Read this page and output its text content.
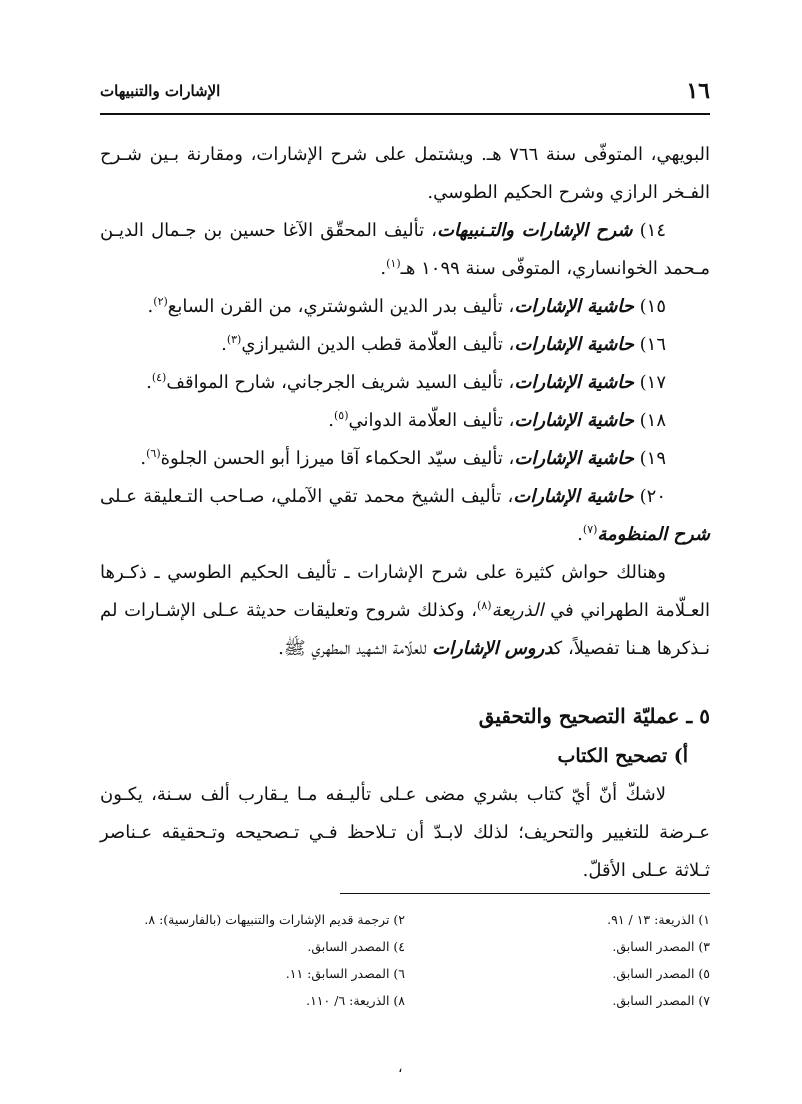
١٦
الإشارات والتنبيهات

البويهي، المتوفّى سنة ٧٦٦ هـ. ويشتمل على شرح الإشارات، ومقارنة بـين شـرح الفـخر الرازي وشرح الحكيم الطوسي.

١٤) شرح الإشارات والتـنبيهات، تأليف المحقّق الآغا حسين بن جـمال الديـن مـحمد الخوانساري، المتوفّى سنة ١٠٩٩ هـ$^{(١)}$.

١٥) حاشية الإشارات، تأليف بدر الدين الشوشتري، من القرن السابع$^{(٢)}$.

١٦) حاشية الإشارات، تأليف العلّامة قطب الدين الشيرازي$^{(٣)}$.

١٧) حاشية الإشارات، تأليف السيد شريف الجرجاني، شارح المواقف$^{(٤)}$.

١٨) حاشية الإشارات، تأليف العلّامة الدواني$^{(٥)}$.

١٩) حاشية الإشارات، تأليف سيّد الحكماء آقا ميرزا أبو الحسن الجلوة$^{(٦)}$.

٢٠) حاشية الإشارات، تأليف الشيخ محمد تقي الآملي، صـاحب التـعليقة عـلى شرح المنظومة$^{(٧)}$.

وهنالك حواش كثيرة على شرح الإشارات ـ تأليف الحكيم الطوسي ـ ذكـرها العـلّامة الطهراني في الذريعة$^{(٨)}$، وكذلك شروح وتعليقات حديثة عـلى الإشـارات لم نـذكرها هـنا تفصيلاً، كدروس الإشارات للعلّامة الشهيد المطهري ﷺ.

٥ ـ عمليّة التصحيح والتحقيق

أ) تصحيح الكتاب

لاشكّ أنّ أيّ كتاب بشري مضى عـلى تأليـفه مـا يـقارب ألف سـنة، يكـون عـرضة للتغيير والتحريف؛ لذلك لابـدّ أن تـلاحظ فـي تـصحيحه وتـحقيقه عـناصر ثـلاثة عـلى الأقلّ.

١) الذريعة: ١٣ / ٩١.
٢) ترجمة قديم الإشارات والتنبيهات (بالفارسية): ٨.
٣) المصدر السابق.
٤) المصدر السابق.
٥) المصدر السابق.
٦) المصدر السابق: ١١.
٧) المصدر السابق.
٨) الذريعة: ٦/ ١١٠.
،
